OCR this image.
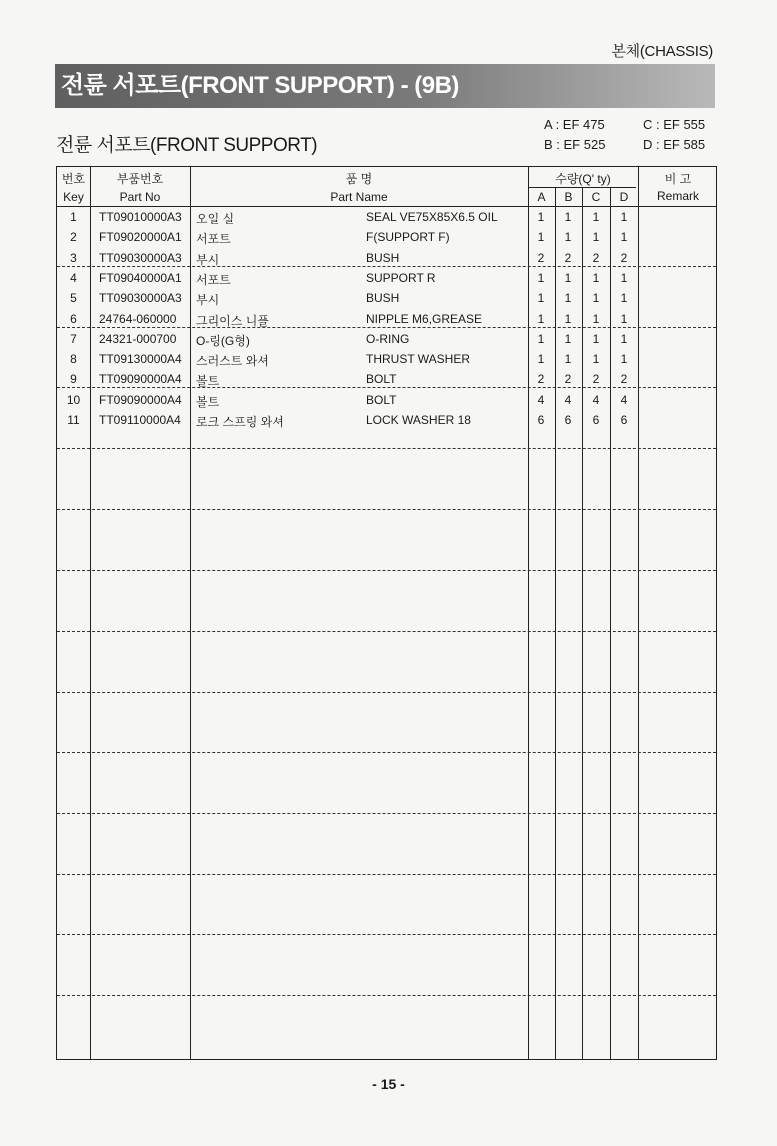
본체(CHASSIS)
전륜 서포트(FRONT SUPPORT) - (9B)
전륜 서포트(FRONT SUPPORT)
A : EF 475	C : EF 555
B : EF 525	D : EF 585
번호
Key
부품번호
Part No
품 명
Part Name
수량(Q' ty)
A	B	C	D
비 고
Remark
1	TT09010000A3 오일 실	SEAL VE75X85X6.5 OIL	1	1	1	1
2	FT09020000A1 서포트	F(SUPPORT F)	1	1	1	1
3	TT09030000A3 부시	BUSH	2	2	2	2
4	FT09040000A1 서포트	SUPPORT R	1	1	1	1
5	TT09030000A3 부시	BUSH	1	1	1	1
6	24764-060000 그리이스 니플	NIPPLE M6,GREASE	1	1	1	1
7	24321-000700 O-링(G형)	O-RING	1	1	1	1
8	TT09130000A4 스러스트 와셔	THRUST WASHER	1	1	1	1
9	TT09090000A4 볼트	BOLT	2	2	2	2
10	FT09090000A4 볼트	BOLT	4	4	4	4
11	TT09110000A4 로크 스프링 와셔	LOCK WASHER 18	6	6	6	6
- 15 -
